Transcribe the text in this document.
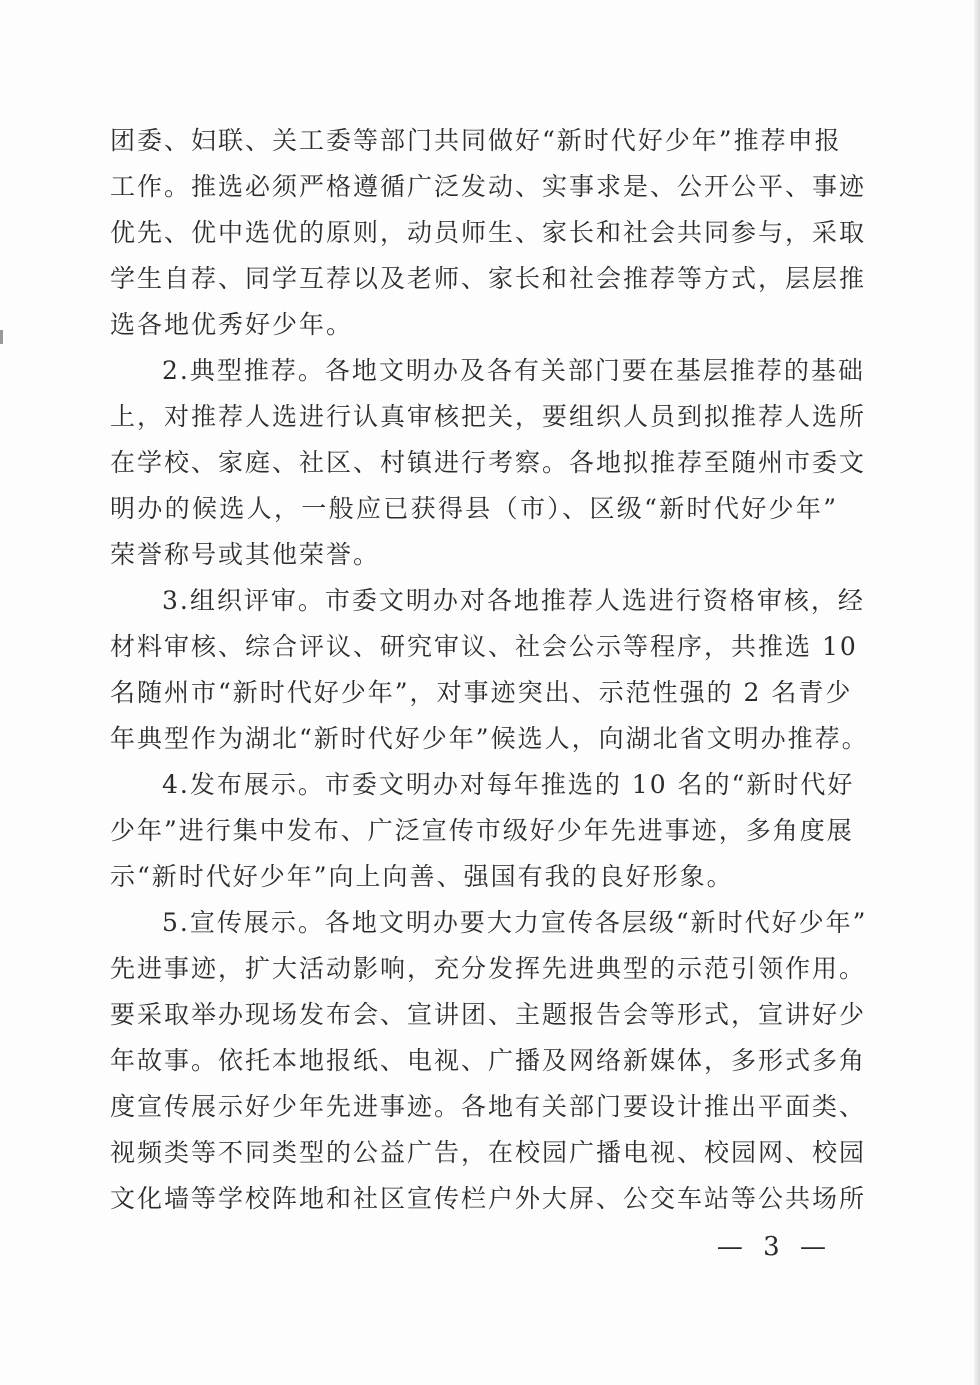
团委、妇联、关工委等部门共同做好“新时代好少年”推荐申报
工作。推选必须严格遵循广泛发动、实事求是、公开公平、事迹
优先、优中选优的原则，动员师生、家长和社会共同参与，采取
学生自荐、同学互荐以及老师、家长和社会推荐等方式，层层推
选各地优秀好少年。
2.典型推荐。各地文明办及各有关部门要在基层推荐的基础
上，对推荐人选进行认真审核把关，要组织人员到拟推荐人选所
在学校、家庭、社区、村镇进行考察。各地拟推荐至随州市委文
明办的候选人，一般应已获得县（市）、区级“新时代好少年”
荣誉称号或其他荣誉。
3.组织评审。市委文明办对各地推荐人选进行资格审核，经
材料审核、综合评议、研究审议、社会公示等程序，共推选 10
名随州市“新时代好少年”，对事迹突出、示范性强的 2 名青少
年典型作为湖北“新时代好少年”候选人，向湖北省文明办推荐。
4.发布展示。市委文明办对每年推选的 10 名的“新时代好
少年”进行集中发布、广泛宣传市级好少年先进事迹，多角度展
示“新时代好少年”向上向善、强国有我的良好形象。
5.宣传展示。各地文明办要大力宣传各层级“新时代好少年”
先进事迹，扩大活动影响，充分发挥先进典型的示范引领作用。
要采取举办现场发布会、宣讲团、主题报告会等形式，宣讲好少
年故事。依托本地报纸、电视、广播及网络新媒体，多形式多角
度宣传展示好少年先进事迹。各地有关部门要设计推出平面类、
视频类等不同类型的公益广告，在校园广播电视、校园网、校园
文化墙等学校阵地和社区宣传栏户外大屏、公交车站等公共场所
— 3 —
